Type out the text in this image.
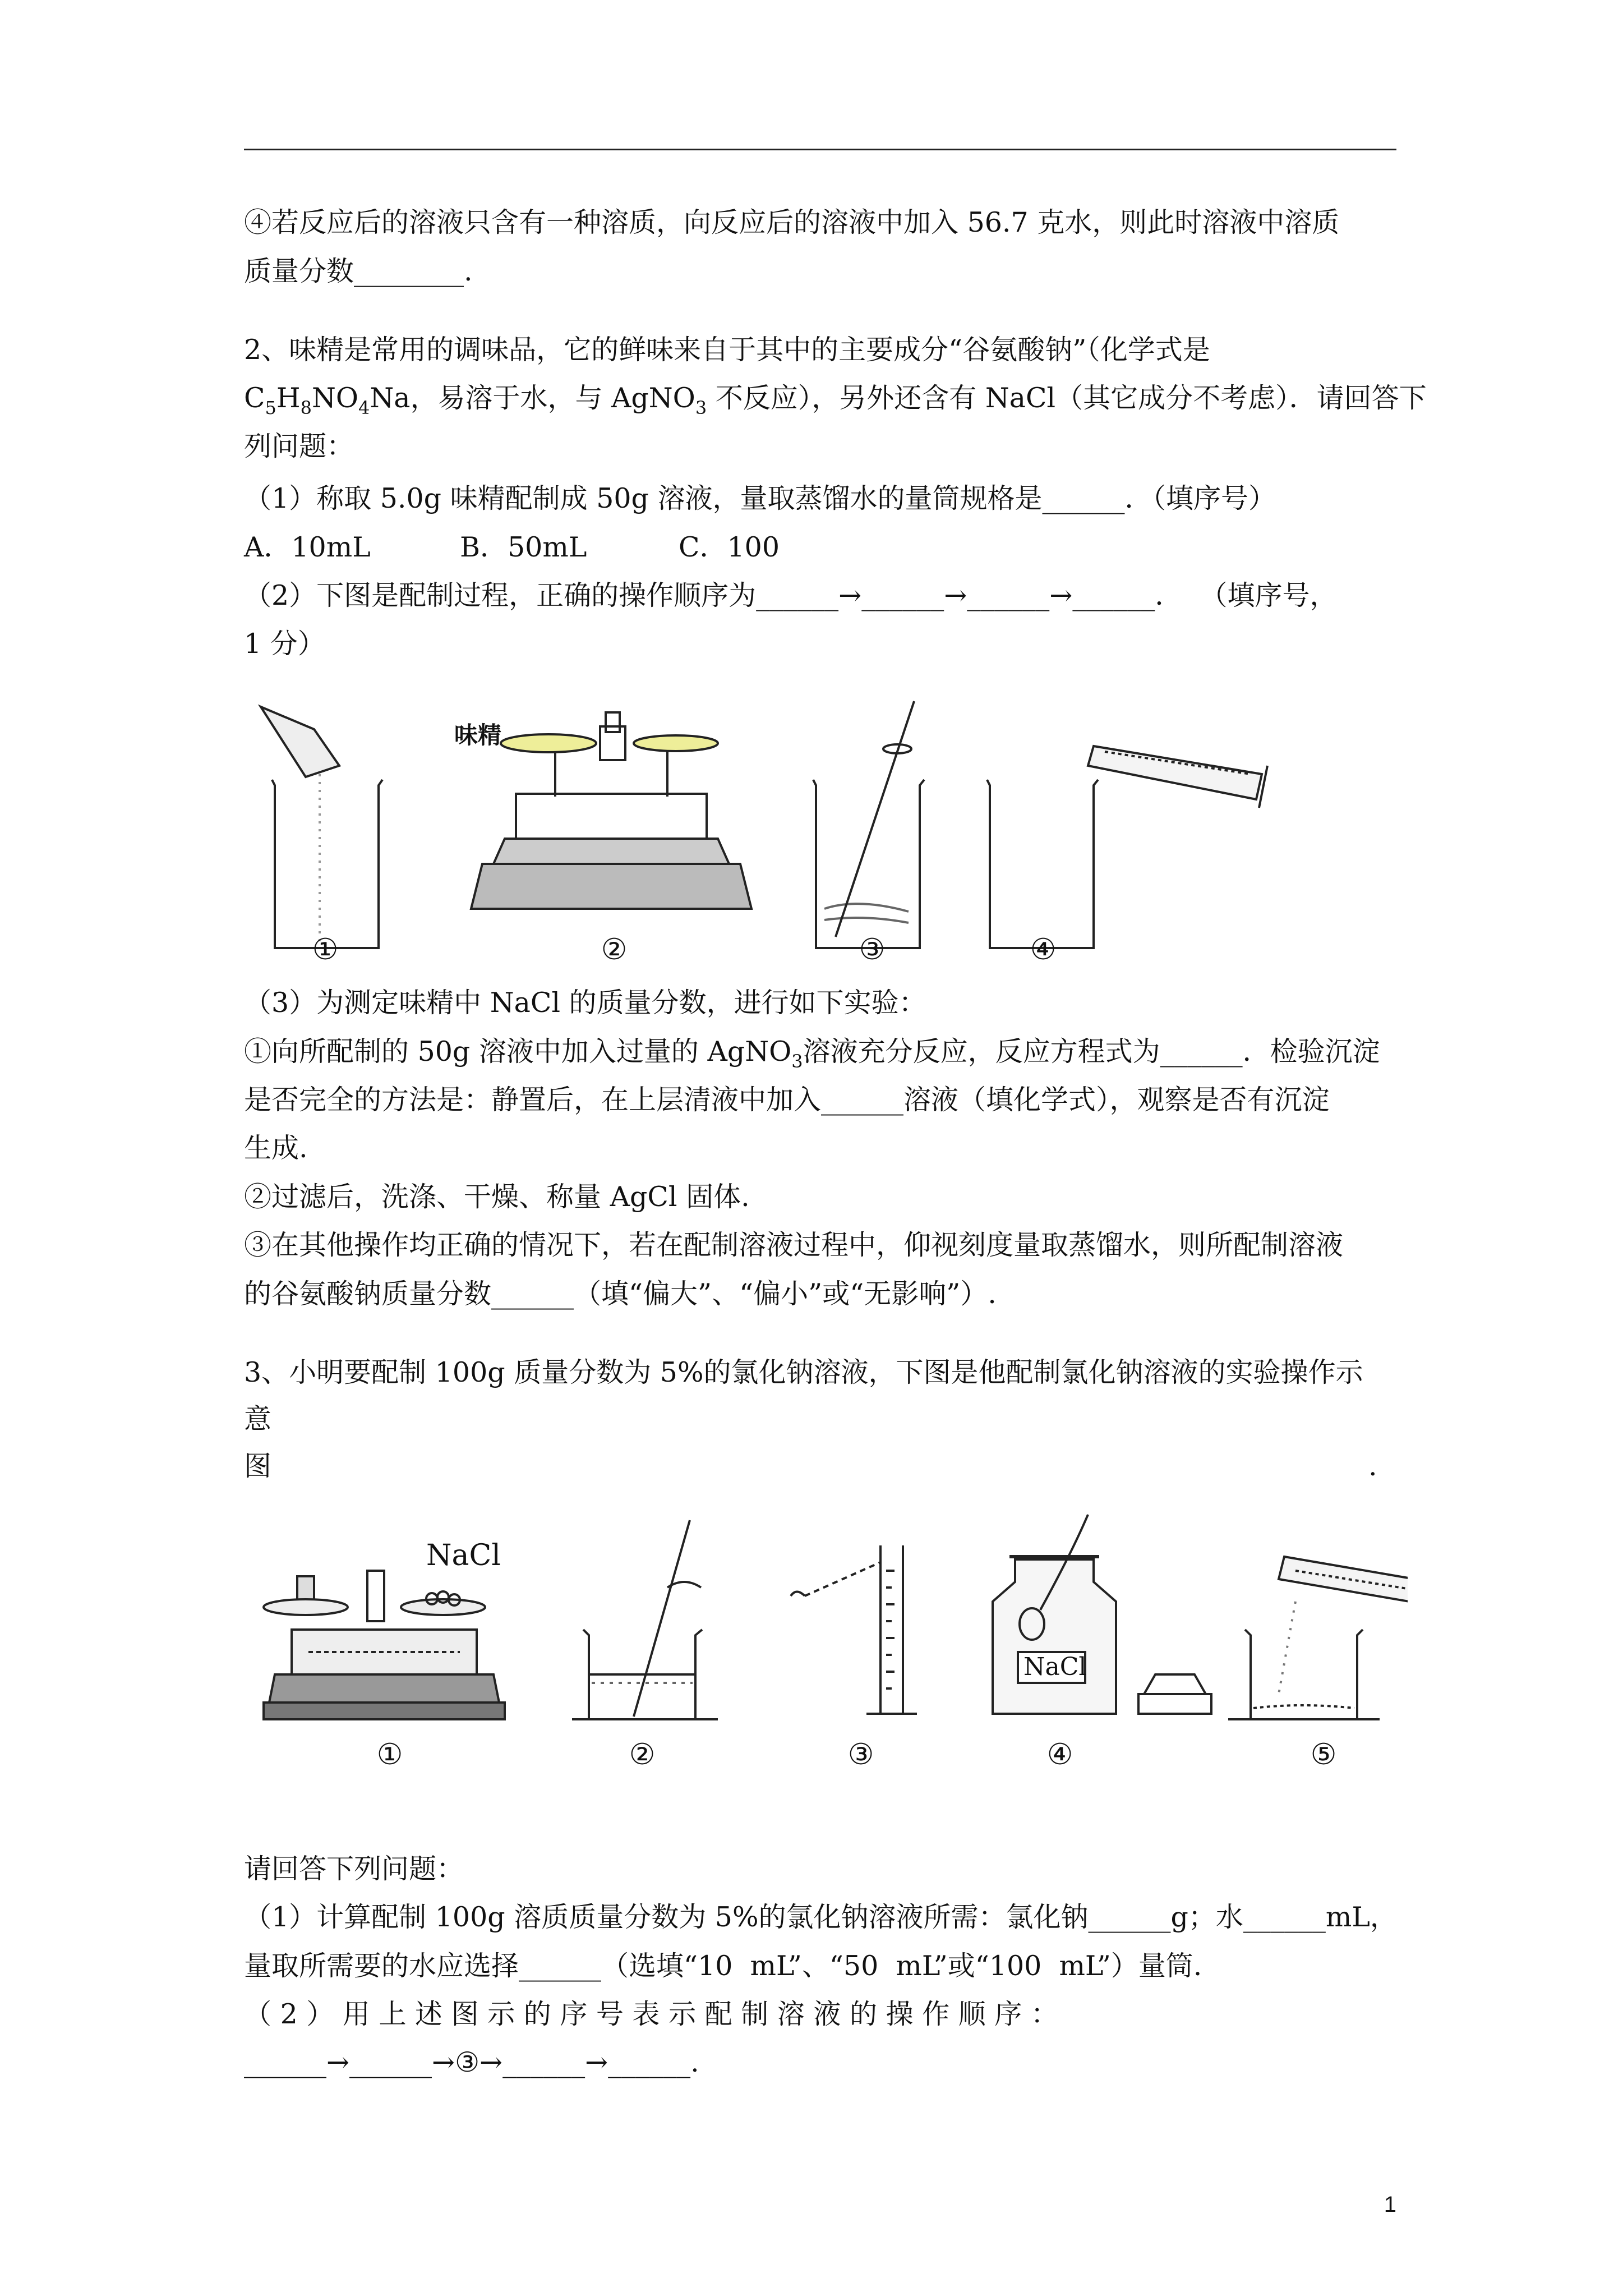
④若反应后的溶液只含有一种溶质，向反应后的溶液中加入 56.7 克水，则此时溶液中溶质
质量分数________.
2、味精是常用的调味品，它的鲜味来自于其中的主要成分“谷氨酸钠”（化学式是
$C_5H_8NO_4Na$，易溶于水，与 AgNO$_3$ 不反应），另外还含有 NaCl（其它成分不考虑）．请回答下
列问题：
（1）称取 5.0g 味精配制成 50g 溶液，量取蒸馏水的量筒规格是______．（填序号）
A．10mL	B．50mL	C．100
（2）下图是配制过程，正确的操作顺序为______→______→______→______．  （填序号，
1 分）
味精
①	②	③	④
（3）为测定味精中 NaCl 的质量分数，进行如下实验：
①向所配制的 50g 溶液中加入过量的 AgNO$_3$溶液充分反应，反应方程式为______．检验沉淀
是否完全的方法是：静置后，在上层清液中加入______溶液（填化学式），观察是否有沉淀
生成.
②过滤后，洗涤、干燥、称量 AgCl 固体.
③在其他操作均正确的情况下，若在配制溶液过程中，仰视刻度量取蒸馏水，则所配制溶液
的谷氨酸钠质量分数______（填“偏大”、“偏小”或“无影响”）.
3、小明要配制 100g 质量分数为 5%的氯化钠溶液，下图是他配制氯化钠溶液的实验操作示
意
图	.
NaCl
NaCl
①	②	③	④	⑤
请回答下列问题：
（1）计算配制 100g 溶质质量分数为 5%的氯化钠溶液所需：氯化钠______g；水______mL，
量取所需要的水应选择______（选填“10  mL”、“50  mL”或“100  mL”）量筒.
（ 2 ） 用 上 述 图 示 的 序 号 表 示 配 制 溶 液 的 操 作 顺 序 ：
______→______→③→______→______.
1
